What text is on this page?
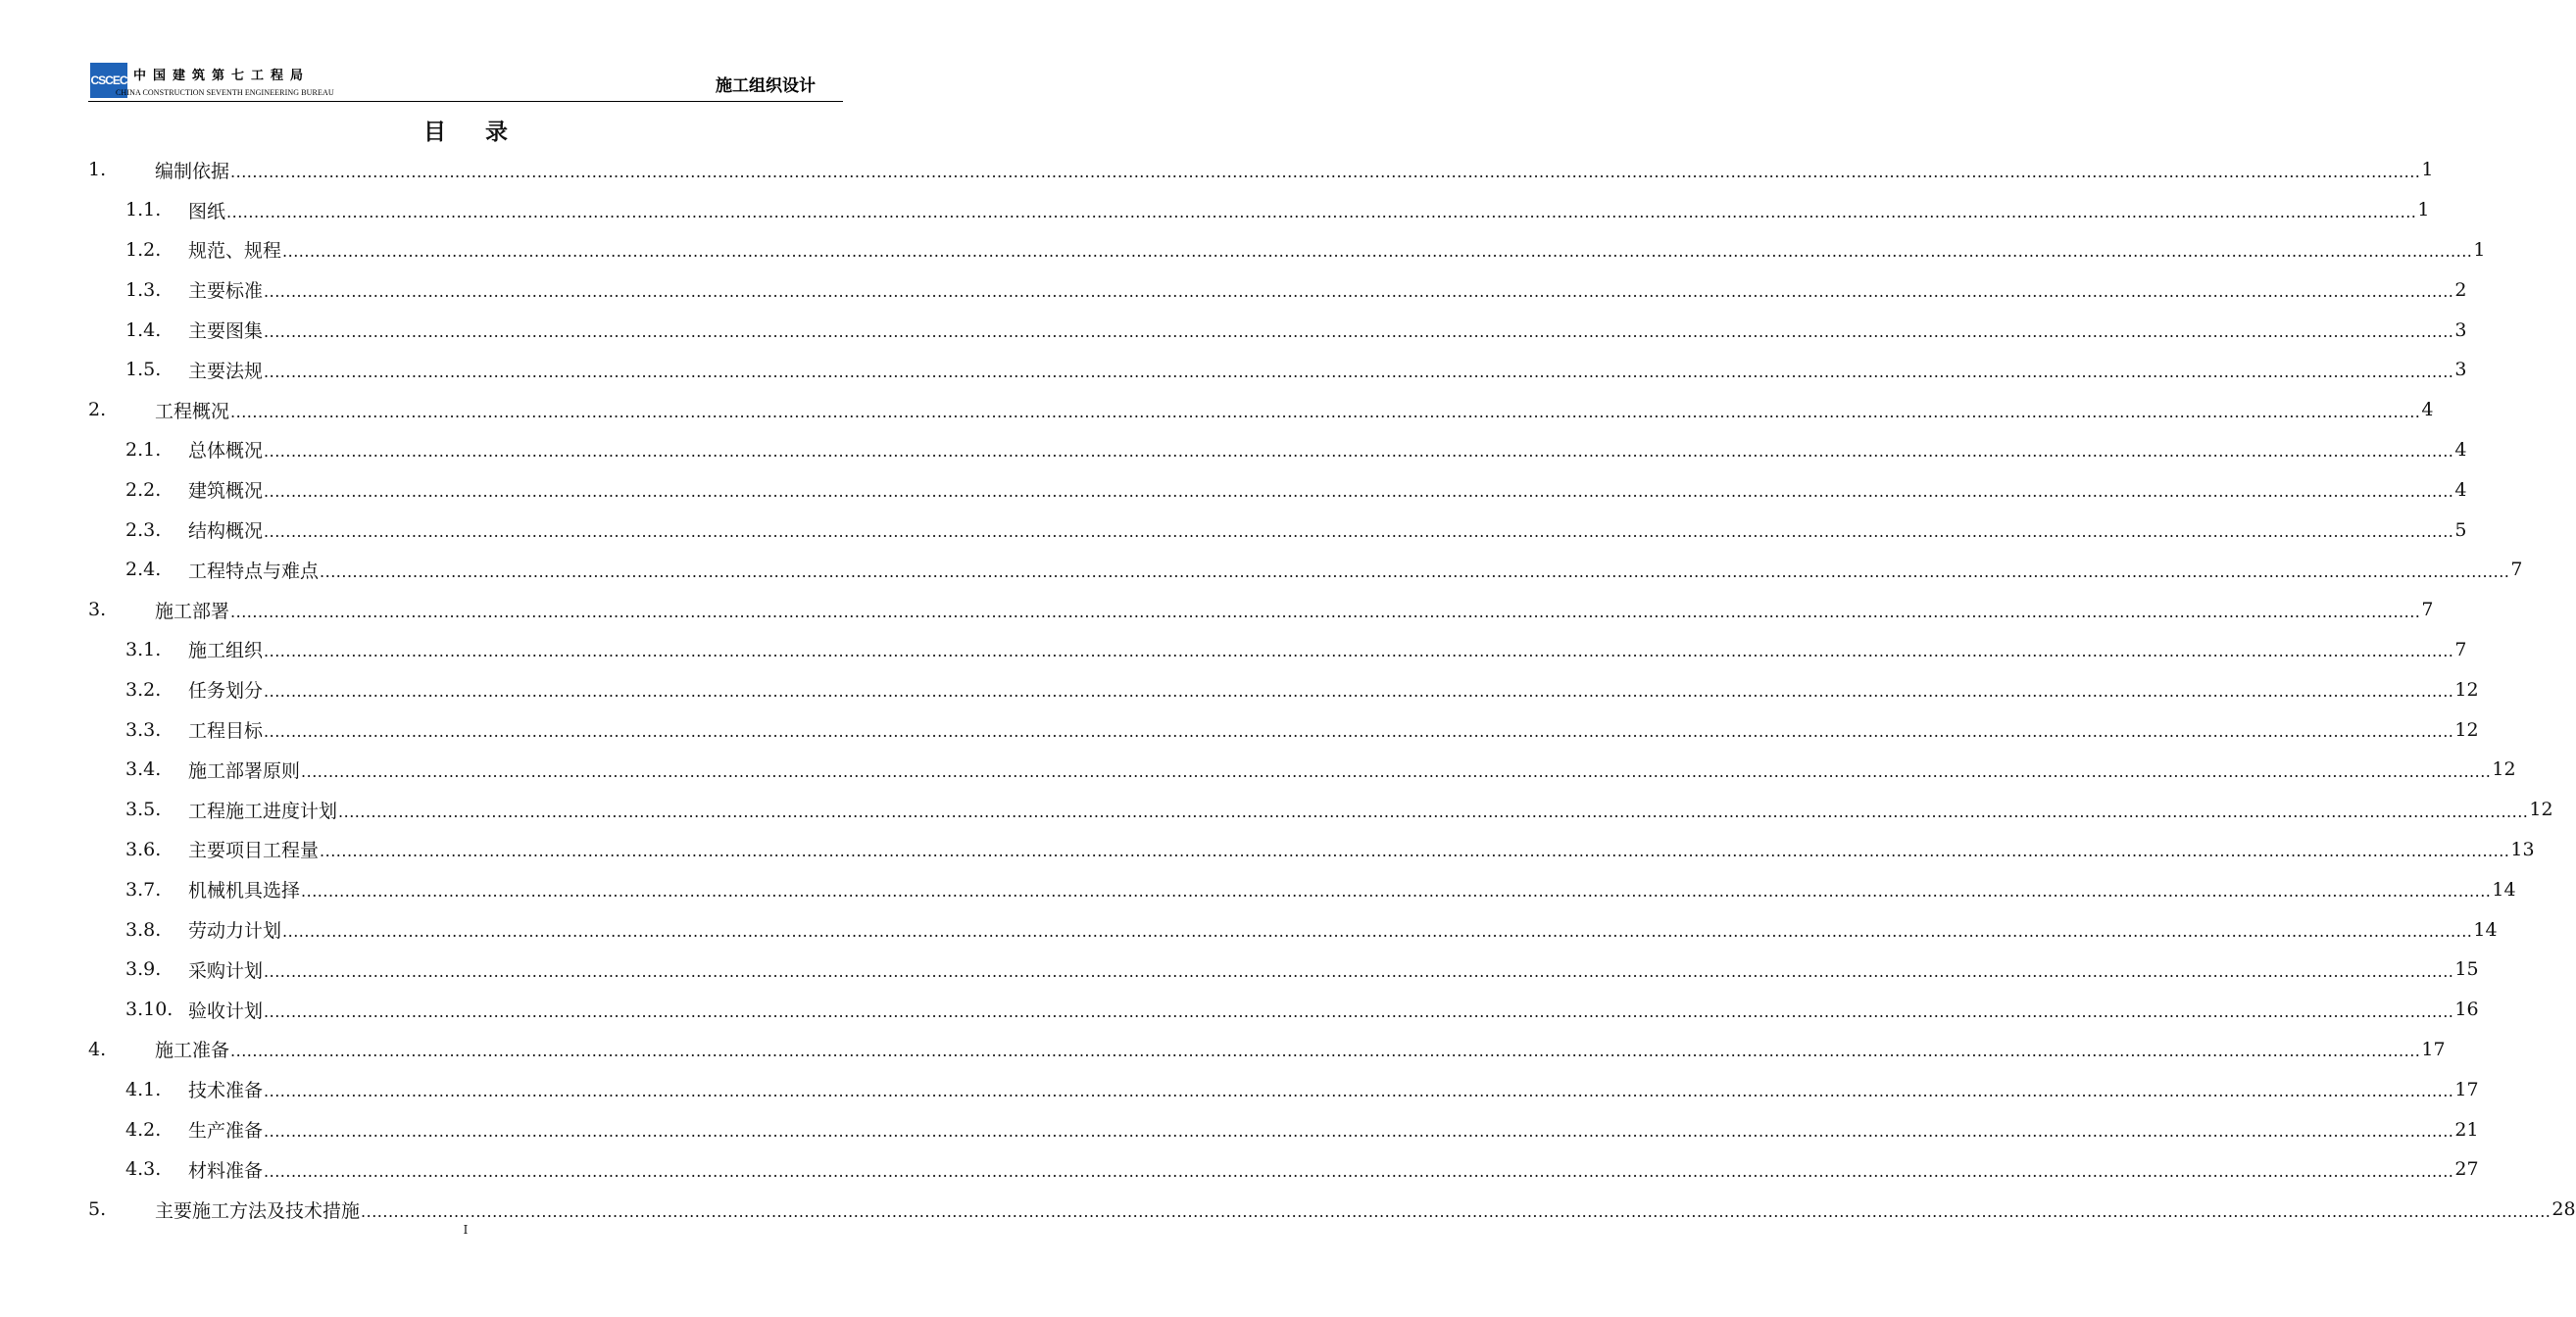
CSCEC 中国建筑第七工程局
CHINA CONSTRUCTION SEVENTH ENGINEERING BUREAU	施工组织设计
目录
1.	编制依据 ................................................................................................................................................................................................................................................................................................................................................................................................................ 1
1.1.	图纸 ................................................................................................................................................................................................................................................................................................................................................................................................................ 1
1.2.	规范、规程 ................................................................................................................................................................................................................................................................................................................................................................................................................ 1
1.3.	主要标准 ................................................................................................................................................................................................................................................................................................................................................................................................................ 2
1.4.	主要图集 ................................................................................................................................................................................................................................................................................................................................................................................................................ 3
1.5.	主要法规 ................................................................................................................................................................................................................................................................................................................................................................................................................ 3
2.	工程概况 ................................................................................................................................................................................................................................................................................................................................................................................................................ 4
2.1.	总体概况 ................................................................................................................................................................................................................................................................................................................................................................................................................ 4
2.2.	建筑概况 ................................................................................................................................................................................................................................................................................................................................................................................................................ 4
2.3.	结构概况 ................................................................................................................................................................................................................................................................................................................................................................................................................ 5
2.4.	工程特点与难点 ................................................................................................................................................................................................................................................................................................................................................................................................................ 7
3.	施工部署 ................................................................................................................................................................................................................................................................................................................................................................................................................ 7
3.1.	施工组织 ................................................................................................................................................................................................................................................................................................................................................................................................................ 7
3.2.	任务划分 ................................................................................................................................................................................................................................................................................................................................................................................................................ 12
3.3.	工程目标 ................................................................................................................................................................................................................................................................................................................................................................................................................ 12
3.4.	施工部署原则 ................................................................................................................................................................................................................................................................................................................................................................................................................ 12
3.5.	工程施工进度计划 ................................................................................................................................................................................................................................................................................................................................................................................................................ 12
3.6.	主要项目工程量 ................................................................................................................................................................................................................................................................................................................................................................................................................ 13
3.7.	机械机具选择 ................................................................................................................................................................................................................................................................................................................................................................................................................ 14
3.8.	劳动力计划 ................................................................................................................................................................................................................................................................................................................................................................................................................ 14
3.9.	采购计划 ................................................................................................................................................................................................................................................................................................................................................................................................................ 15
3.10. 验收计划 ................................................................................................................................................................................................................................................................................................................................................................................................................ 16
4.	施工准备 ................................................................................................................................................................................................................................................................................................................................................................................................................ 17
4.1.	技术准备 ................................................................................................................................................................................................................................................................................................................................................................................................................ 17
4.2.	生产准备 ................................................................................................................................................................................................................................................................................................................................................................................................................ 21
4.3.	材料准备 ................................................................................................................................................................................................................................................................................................................................................................................................................ 27
5.	主要施工方法及技术措施 ................................................................................................................................................................................................................................................................................................................................................................................................................ 28
I
